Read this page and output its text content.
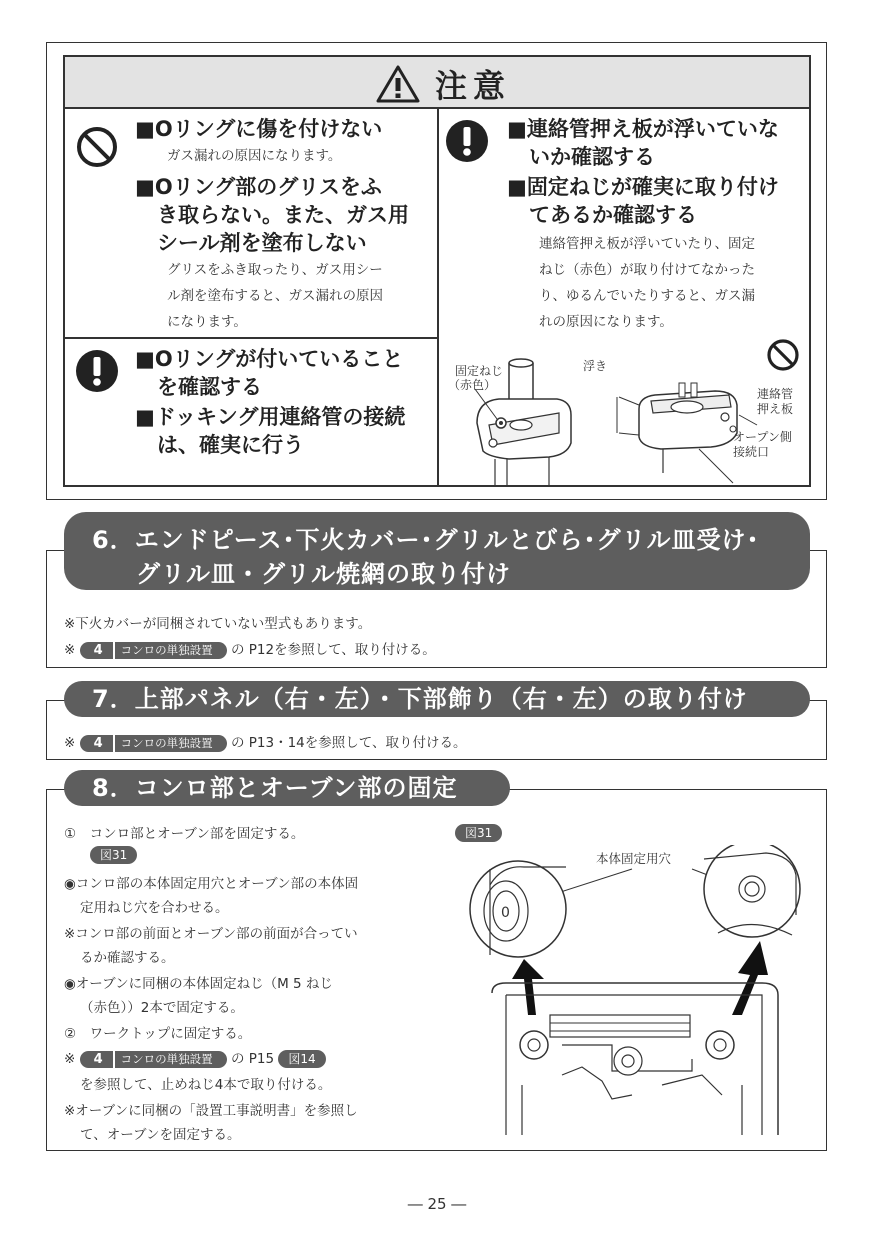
注意
■Oリングに傷を付けない
ガス漏れの原因になります。
■Oリング部のグリスをふ
き取らない。また、ガス用
シール剤を塗布しない
グリスをふき取ったり、ガス用シー
ル剤を塗布すると、ガス漏れの原因
になります。
■Oリングが付いていること
を確認する
■ドッキング用連絡管の接続
は、確実に行う
■連絡管押え板が浮いていな
いか確認する
■固定ねじが確実に取り付け
てあるか確認する
連絡管押え板が浮いていたり、固定
ねじ（赤色）が取り付けてなかった
り、ゆるんでいたりすると、ガス漏
れの原因になります。
固定ねじ
（赤色）
浮き
連絡管
押え板
オープン側
接続口
6．エンドピース･下火カバー･グリルとびら･グリル皿受け･
グリル皿・グリル焼網の取り付け
※下火カバーが同梱されていない型式もあります。
※ 4 コンロの単独設置 の P12を参照して、取り付ける。
7．上部パネル（右・左）・下部飾り（右・左）の取り付け
※ 4 コンロの単独設置 の P13・14を参照して、取り付ける。
8．コンロ部とオーブン部の固定
①　コンロ部とオーブン部を固定する。
図31
◉コンロ部の本体固定用穴とオーブン部の本体固
定用ねじ穴を合わせる。
※コンロ部の前面とオーブン部の前面が合ってい
るか確認する。
◉オーブンに同梱の本体固定ねじ（M 5 ねじ
（赤色））2本で固定する。
②　ワークトップに固定する。
※ 4 コンロの単独設置 の P15 図14
を参照して、止めねじ4本で取り付ける。
※オーブンに同梱の「設置工事説明書」を参照し
て、オーブンを固定する。
図31
本体固定用穴
0
― 25 ―
